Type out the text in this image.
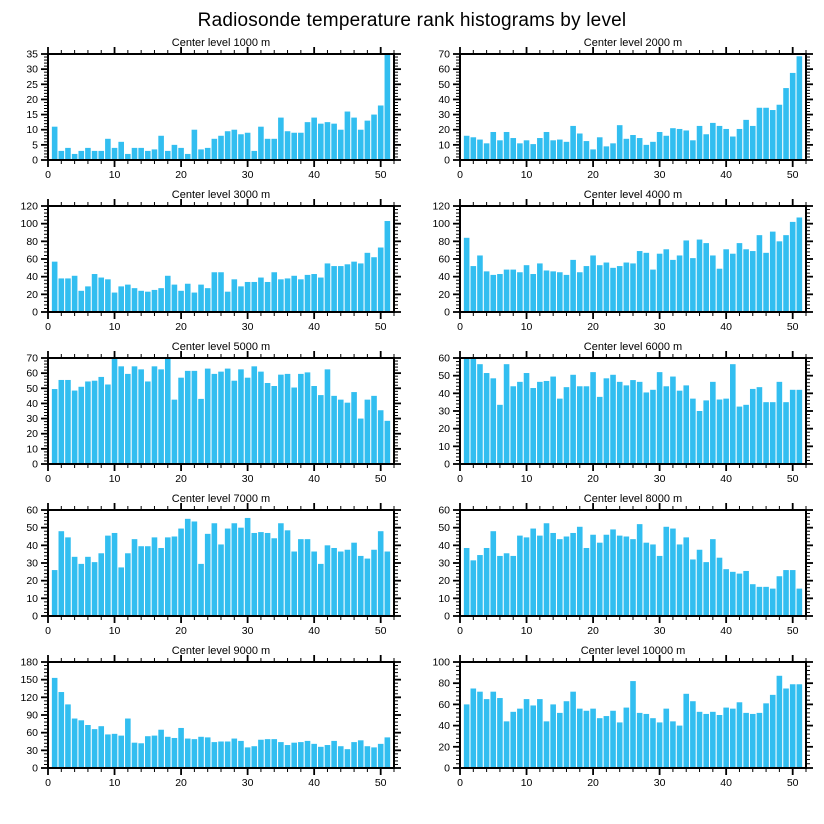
Radiosonde temperature rank histograms by level
Center level 1000 m
0
5
10
15
20
25
30
35
0	10	20	30	40	50
Center level 2000 m
0
10
20
30
40
50
60
70
0	10	20	30	40	50
Center level 3000 m
0
20
40
60
80
100
120
0	10	20	30	40	50
Center level 4000 m
0
20
40
60
80
100
120
0	10	20	30	40	50
Center level 5000 m
0
10
20
30
40
50
60
70
0	10	20	30	40	50
Center level 6000 m
0
10
20
30
40
50
60
0	10	20	30	40	50
Center level 7000 m
0
10
20
30
40
50
60
0	10	20	30	40	50
Center level 8000 m
0
10
20
30
40
50
60
0	10	20	30	40	50
Center level 9000 m
0
30
60
90
120
150
180
0	10	20	30	40	50
Center level 10000 m
0
20
40
60
80
100
0	10	20	30	40	50
